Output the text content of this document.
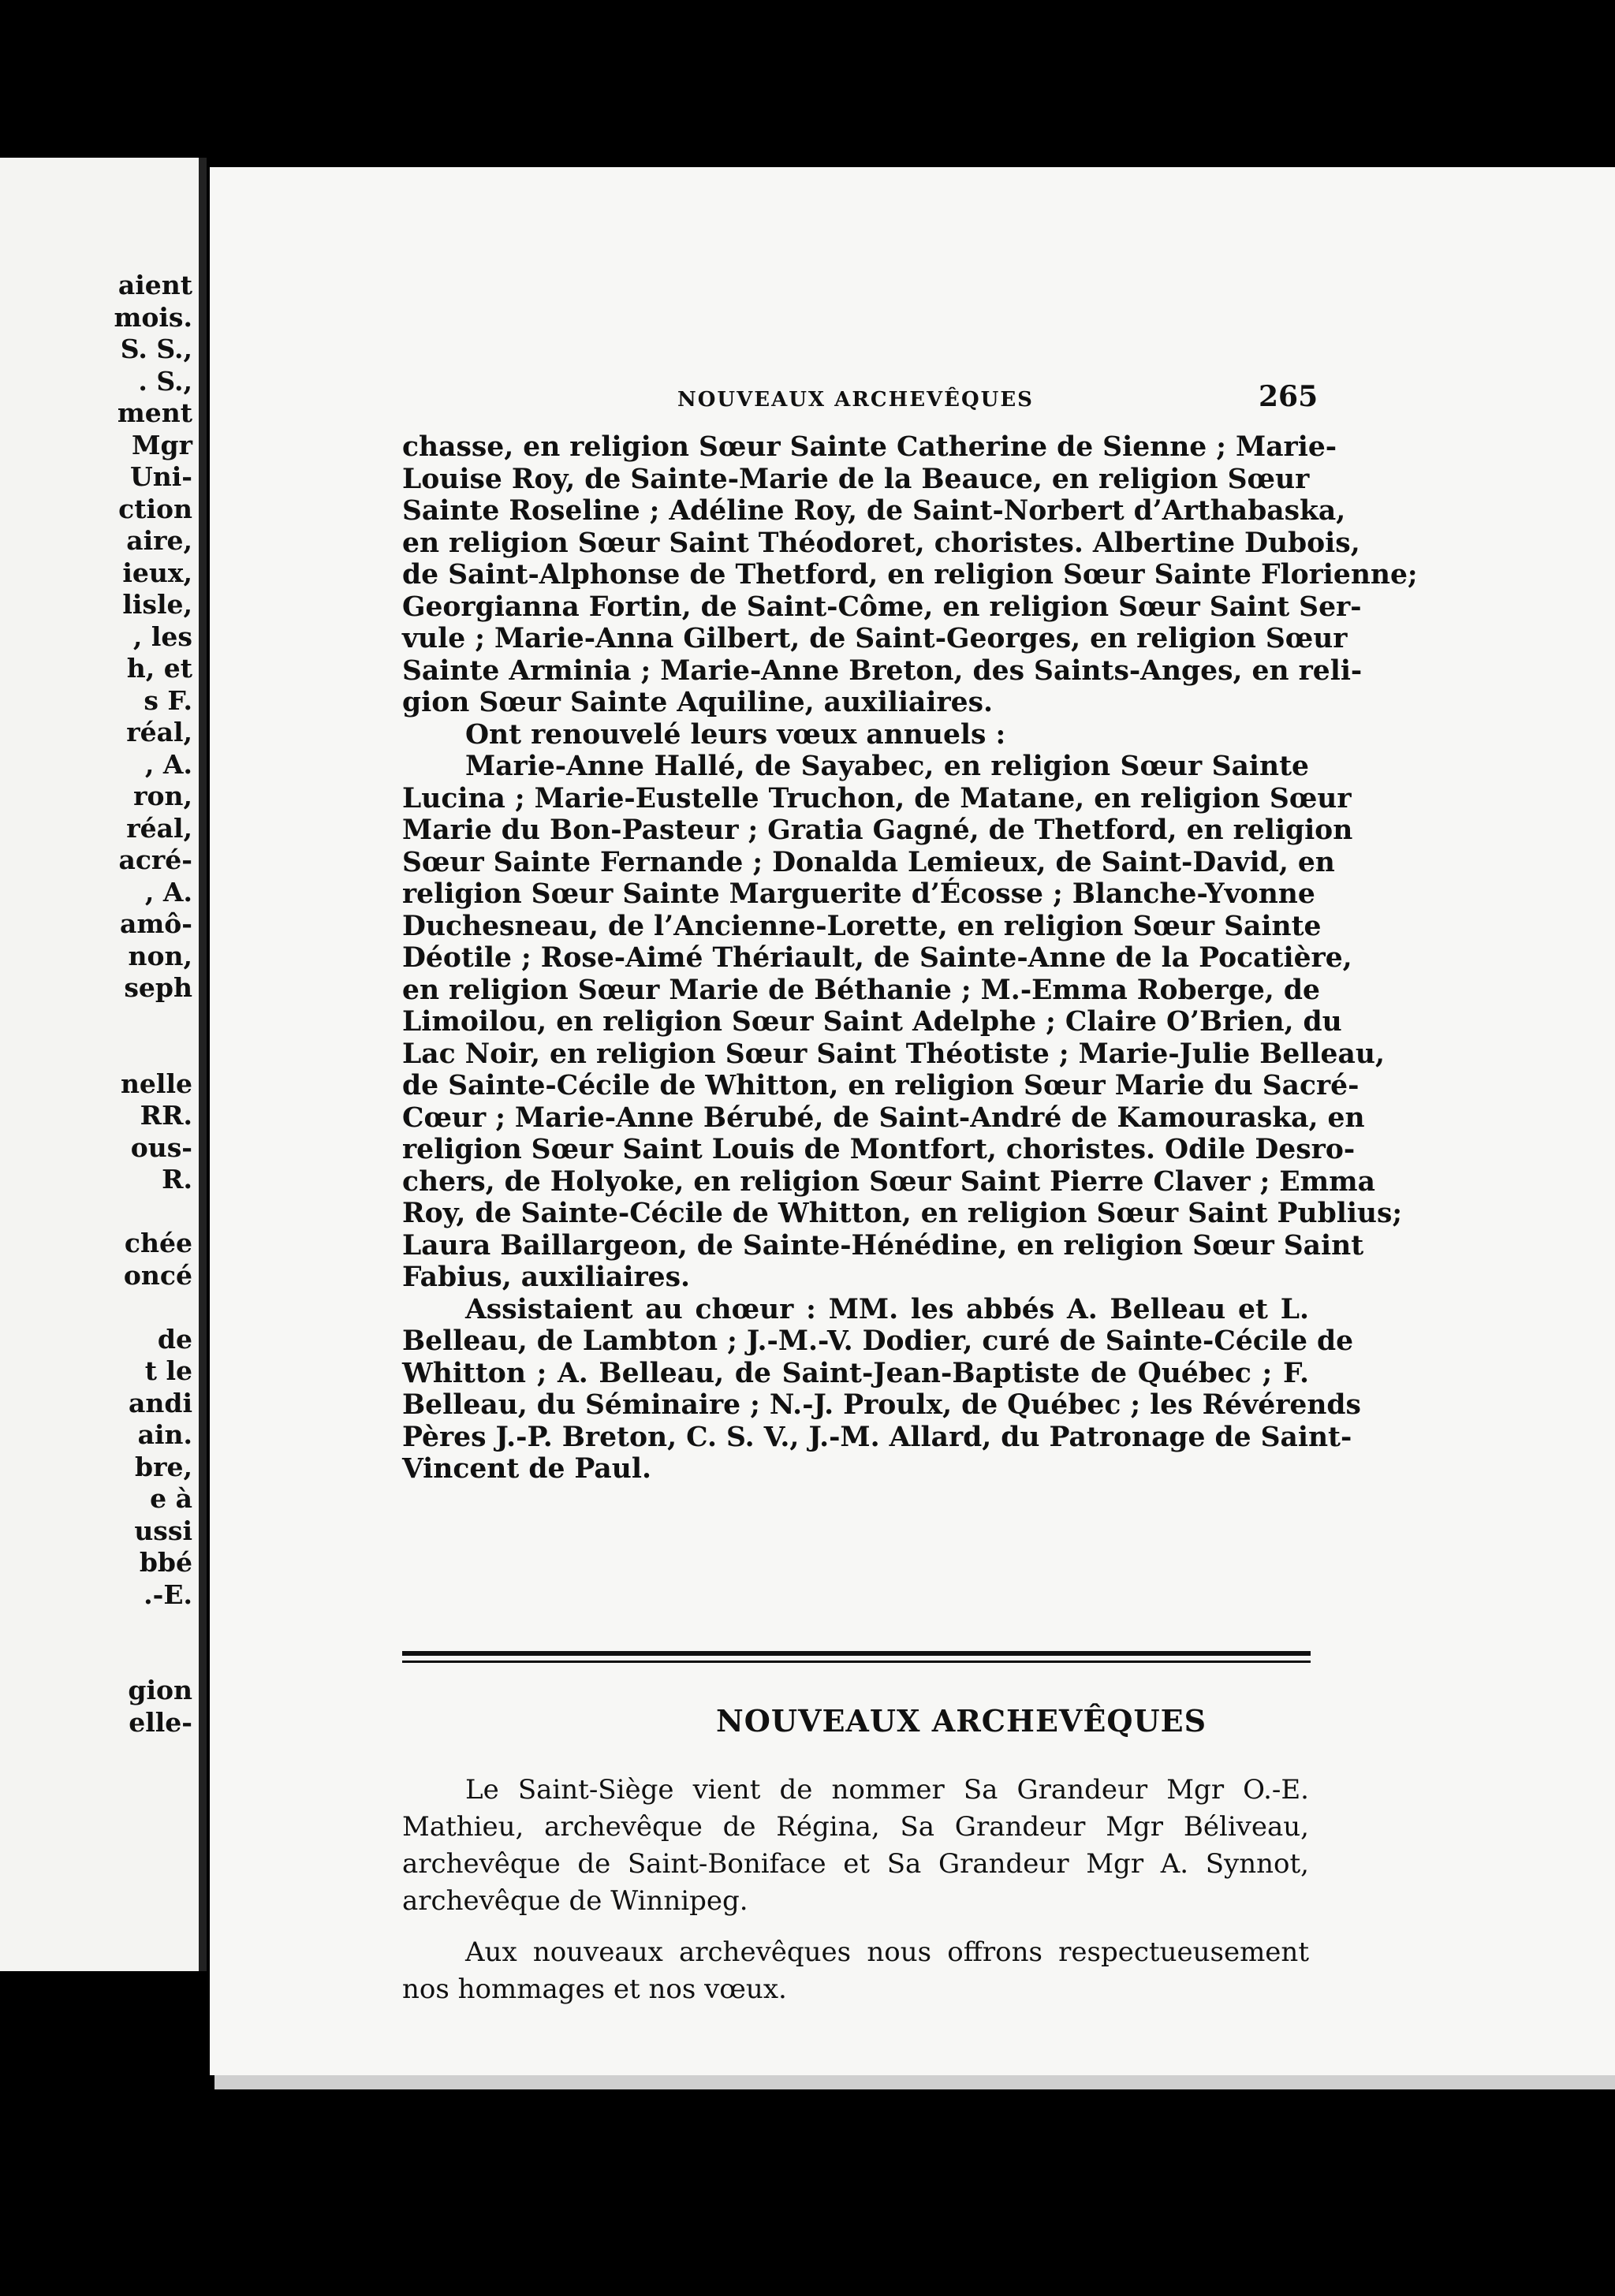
aient
mois.
S. S.,
. S.,
ment
Mgr
Uni-
ction
aire,
ieux,
lisle,
, les
h, et
s F.
réal,
, A.
ron,
réal,
acré-
, A.
amô-
non,
seph
nelle
RR.
ous-
R.
chée
oncé
de
t le
andi
ain.
bre,
e à
ussi
bbé
.-E.
gion
elle-
NOUVEAUX ARCHEVÊQUES	265
chasse, en religion Sœur Sainte Catherine de Sienne ; Marie-
Louise Roy, de Sainte-Marie de la Beauce, en religion Sœur
Sainte Roseline ; Adéline Roy, de Saint-Norbert d’Arthabaska,
en religion Sœur Saint Théodoret, choristes. Albertine Dubois,
de Saint-Alphonse de Thetford, en religion Sœur Sainte Florienne;
Georgianna Fortin, de Saint-Côme, en religion Sœur Saint Ser-
vule ; Marie-Anna Gilbert, de Saint-Georges, en religion Sœur
Sainte Arminia ; Marie-Anne Breton, des Saints-Anges, en reli-
gion Sœur Sainte Aquiline, auxiliaires.
Ont renouvelé leurs vœux annuels :
Marie-Anne Hallé, de Sayabec, en religion Sœur Sainte
Lucina ; Marie-Eustelle Truchon, de Matane, en religion Sœur
Marie du Bon-Pasteur ; Gratia Gagné, de Thetford, en religion
Sœur Sainte Fernande ; Donalda Lemieux, de Saint-David, en
religion Sœur Sainte Marguerite d’Écosse ; Blanche-Yvonne
Duchesneau, de l’Ancienne-Lorette, en religion Sœur Sainte
Déotile ; Rose-Aimé Thériault, de Sainte-Anne de la Pocatière,
en religion Sœur Marie de Béthanie ; M.-Emma Roberge, de
Limoilou, en religion Sœur Saint Adelphe ; Claire O’Brien, du
Lac Noir, en religion Sœur Saint Théotiste ; Marie-Julie Belleau,
de Sainte-Cécile de Whitton, en religion Sœur Marie du Sacré-
Cœur ; Marie-Anne Bérubé, de Saint-André de Kamouraska, en
religion Sœur Saint Louis de Montfort, choristes. Odile Desro-
chers, de Holyoke, en religion Sœur Saint Pierre Claver ; Emma
Roy, de Sainte-Cécile de Whitton, en religion Sœur Saint Publius;
Laura Baillargeon, de Sainte-Hénédine, en religion Sœur Saint
Fabius, auxiliaires.
Assistaient au chœur : MM. les abbés A. Belleau et L.
Belleau, de Lambton ; J.-M.-V. Dodier, curé de Sainte-Cécile de
Whitton ; A. Belleau, de Saint-Jean-Baptiste de Québec ; F.
Belleau, du Séminaire ; N.-J. Proulx, de Québec ; les Révérends
Pères J.-P. Breton, C. S. V., J.-M. Allard, du Patronage de Saint-
Vincent de Paul.
NOUVEAUX ARCHEVÊQUES
Le Saint-Siège vient de nommer Sa Grandeur Mgr O.-E.
Mathieu, archevêque de Régina, Sa Grandeur Mgr Béliveau,
archevêque de Saint-Boniface et Sa Grandeur Mgr A. Synnot,
archevêque de Winnipeg.
Aux nouveaux archevêques nous offrons respectueusement
nos hommages et nos vœux.
